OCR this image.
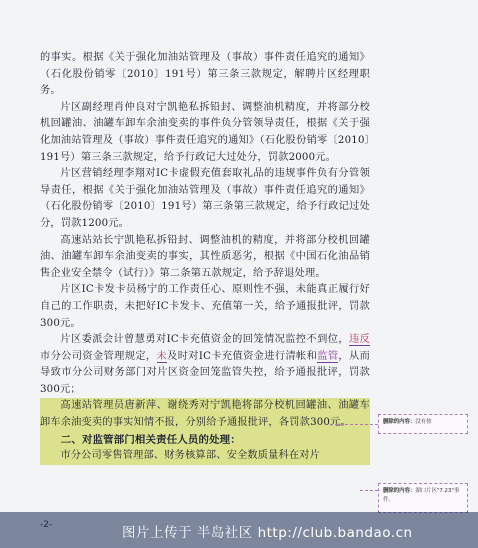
的事实。根据《关于强化加油站管理及（事故）事件责任追究的通知》（石化股份销零〔2010〕191号）第三条三款规定，解聘片区经理职务。

片区副经理肖仲良对宁凯艳私拆铅封、调整油机精度，并将部分校机回罐油、油罐车卸车余油变卖的事件负分管领导责任，根据《关于强化加油站管理及（事故）事件责任追究的通知》（石化股份销零〔2010〕191号）第三条三款规定，给予行政记大过处分，罚款2000元。

片区营销经理李翔对IC卡虚假充值套取礼品的违规事件负有分管领导责任，根据《关于强化加油站管理及（事故）事件责任追究的通知》（石化股份销零〔2010〕191号）第三条第三款规定，给予行政记过处分，罚款1200元。

高速站站长宁凯艳私拆铅封、调整油机的精度，并将部分校机回罐油、油罐车卸车余油变卖的事实，其性质恶劣，根据《中国石化油品销售企业安全禁令（试行）》第二条第五款规定，给予辞退处理。

片区IC卡发卡员杨宁的工作责任心、原则性不强，未能真正履行好自己的工作职责，未把好IC卡发卡、充值第一关，给予通报批评，罚款300元。

片区委派会计曾慧勇对IC卡充值资金的回笼情况监控不到位，违反市分公司资金管理规定，未及时对IC卡充值资金进行清帐和监管，从而导致市分公司财务部门对片区资金回笼监管失控，给予通报批评，罚款300元；

高速站管理员唐新萍、谢绕秀对宁凯艳将部分校机回罐油、油罐车卸车余油变卖的事实知情不报，分别给予通报批评，各罚款300元。

二、对监管部门相关责任人员的处理：

市分公司零售管理部、财务核算部、安全数质量科在对片

删除的内容：没有按
删除的内容：湖口片区"7.23"事件。
图片上传于 半岛社区 http://club.bandao.cn
